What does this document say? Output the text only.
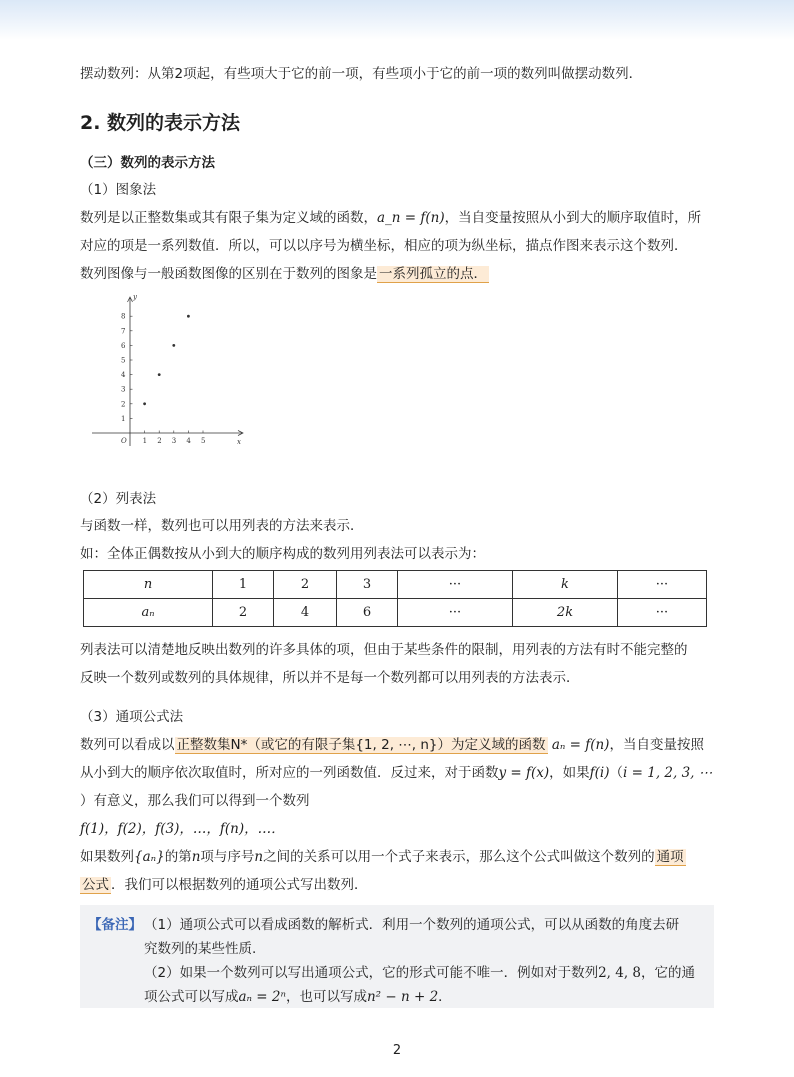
摆动数列：从第2项起，有些项大于它的前一项，有些项小于它的前一项的数列叫做摆动数列．
2. 数列的表示方法
（三）数列的表示方法
（1）图象法
数列是以正整数集或其有限子集为定义域的函数，a_n = f(n)，当自变量按照从小到大的顺序取值时，所
对应的项是一系列数值．所以，可以以序号为横坐标，相应的项为纵坐标，描点作图来表示这个数列．
数列图像与一般函数图像的区别在于数列的图象是 一系列孤立的点．
x
y
O 1 2 3 4 5
1
2
3
4
5
6
7
8
（2）列表法
与函数一样，数列也可以用列表的方法来表示．
如：全体正偶数按从小到大的顺序构成的数列用列表法可以表示为：
n	1	2	3	···	k	···
aₙ	2	4	6	···	2k	···
列表法可以清楚地反映出数列的许多具体的项，但由于某些条件的限制，用列表的方法有时不能完整的
反映一个数列或数列的具体规律，所以并不是每一个数列都可以用列表的方法表示．
（3）通项公式法
数列可以看成以 正整数集N*（或它的有限子集{1, 2, ⋯, n}）为定义域的函数 aₙ = f(n)，当自变量按照
从小到大的顺序依次取值时，所对应的一列函数值．反过来，对于函数y = f(x)，如果f(i)（i = 1, 2, 3, ⋯
）有意义，那么我们可以得到一个数列
f(1)，f(2)，f(3)，…，f(n)，…．
如果数列{aₙ}的第n项与序号n之间的关系可以用一个式子来表示，那么这个公式叫做这个数列的 通项
公式 ．我们可以根据数列的通项公式写出数列．
【备注】 （1）通项公式可以看成函数的解析式．利用一个数列的通项公式，可以从函数的角度去研
究数列的某些性质.
（2）如果一个数列可以写出通项公式，它的形式可能不唯一．例如对于数列2, 4, 8，它的通
项公式可以写成aₙ = 2ⁿ，也可以写成n² − n + 2．
2
